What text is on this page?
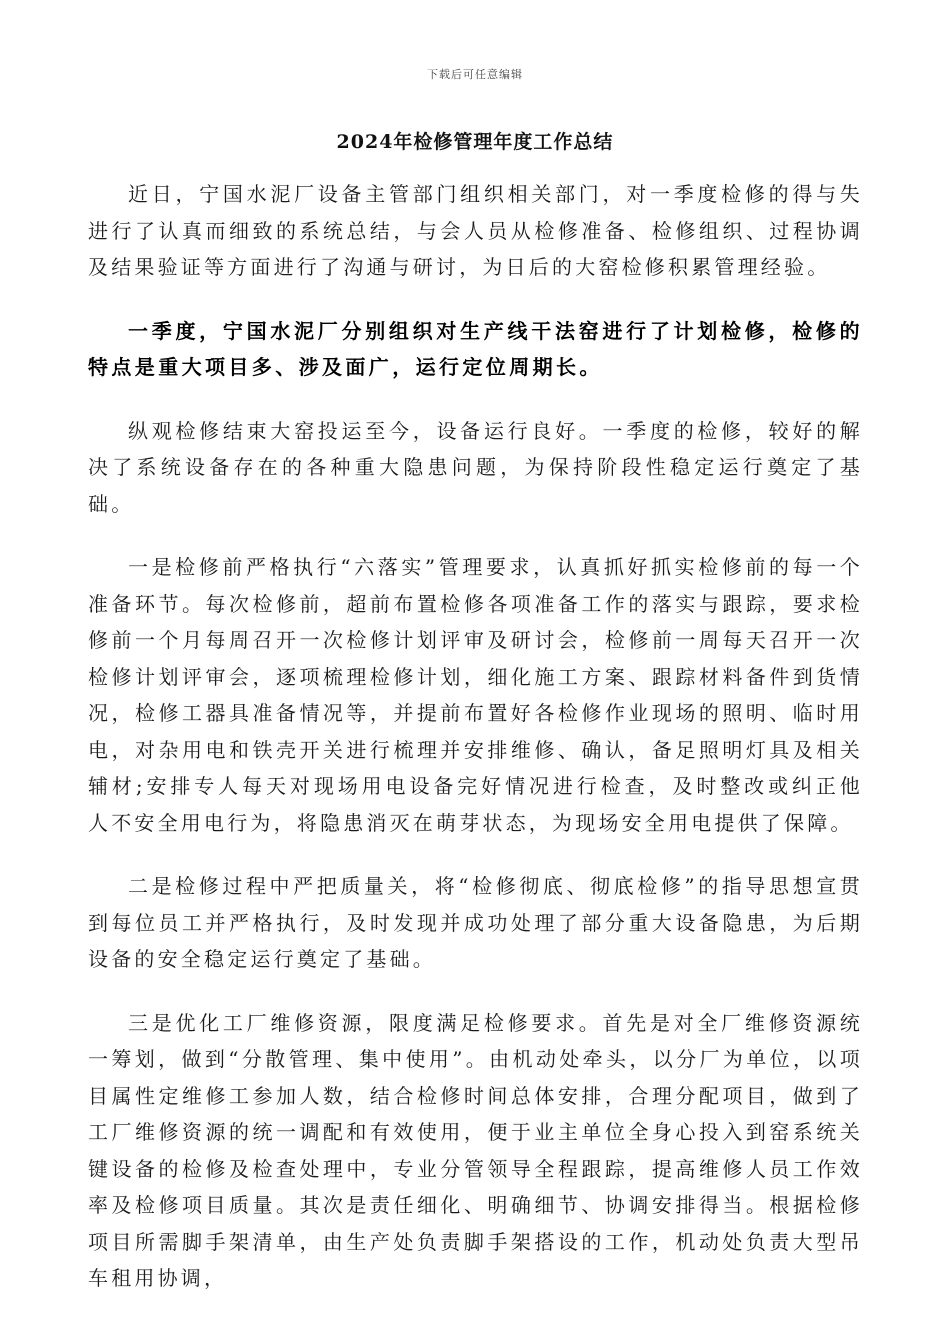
下载后可任意编辑
2024年检修管理年度工作总结

近日，宁国水泥厂设备主管部门组织相关部门，对一季度检修的得与失进行了认真而细致的系统总结，与会人员从检修准备、检修组织、过程协调及结果验证等方面进行了沟通与研讨，为日后的大窑检修积累管理经验。

一季度，宁国水泥厂分别组织对生产线干法窑进行了计划检修，检修的特点是重大项目多、涉及面广，运行定位周期长。

纵观检修结束大窑投运至今，设备运行良好。一季度的检修，较好的解决了系统设备存在的各种重大隐患问题，为保持阶段性稳定运行奠定了基础。

一是检修前严格执行“六落实”管理要求，认真抓好抓实检修前的每一个准备环节。每次检修前，超前布置检修各项准备工作的落实与跟踪，要求检修前一个月每周召开一次检修计划评审及研讨会，检修前一周每天召开一次检修计划评审会，逐项梳理检修计划，细化施工方案、跟踪材料备件到货情况，检修工器具准备情况等，并提前布置好各检修作业现场的照明、临时用电，对杂用电和铁壳开关进行梳理并安排维修、确认，备足照明灯具及相关辅材;安排专人每天对现场用电设备完好情况进行检查，及时整改或纠正他人不安全用电行为，将隐患消灭在萌芽状态，为现场安全用电提供了保障。

二是检修过程中严把质量关，将“检修彻底、彻底检修”的指导思想宣贯到每位员工并严格执行，及时发现并成功处理了部分重大设备隐患，为后期设备的安全稳定运行奠定了基础。

三是优化工厂维修资源，限度满足检修要求。首先是对全厂维修资源统一筹划，做到“分散管理、集中使用”。由机动处牵头，以分厂为单位，以项目属性定维修工参加人数，结合检修时间总体安排，合理分配项目，做到了工厂维修资源的统一调配和有效使用，便于业主单位全身心投入到窑系统关键设备的检修及检查处理中，专业分管领导全程跟踪，提高维修人员工作效率及检修项目质量。其次是责任细化、明确细节、协调安排得当。根据检修项目所需脚手架清单，由生产处负责脚手架搭设的工作，机动处负责大型吊车租用协调，
